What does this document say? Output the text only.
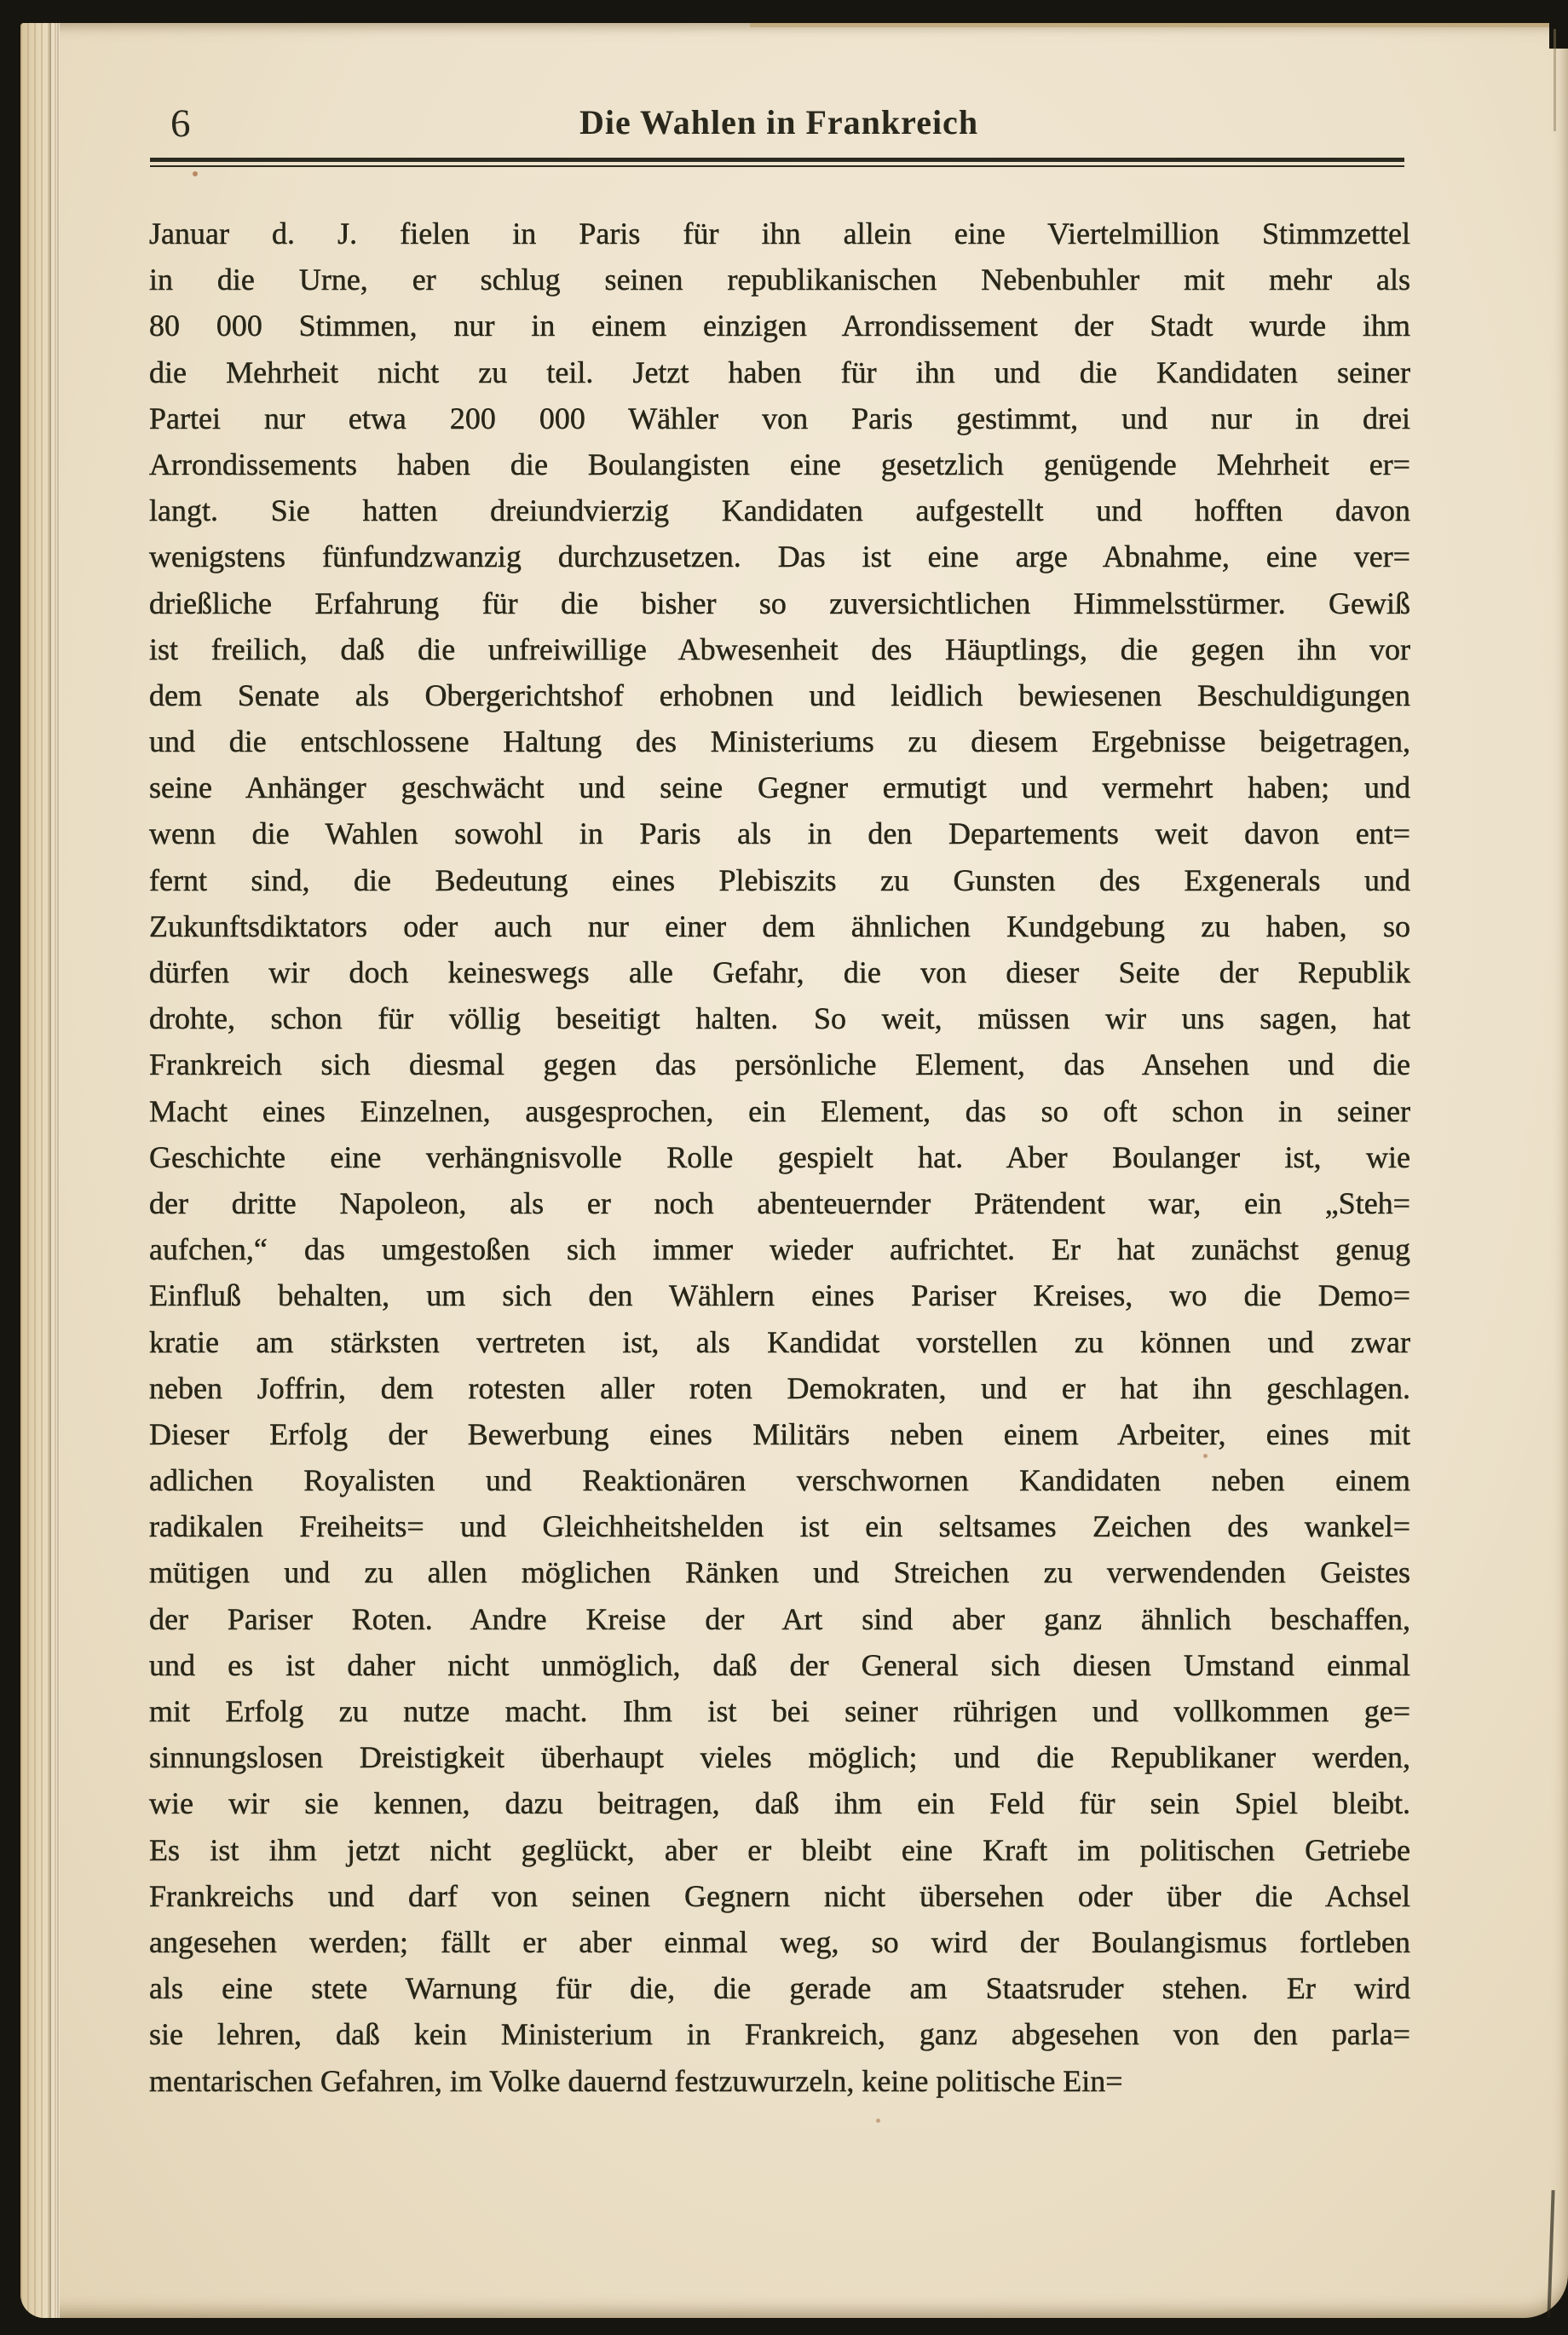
6	Die Wahlen in Frankreich
Januar d. J. fielen in Paris für ihn allein eine Viertelmillion Stimmzettel
in die Urne, er schlug seinen republikanischen Nebenbuhler mit mehr als
80 000 Stimmen, nur in einem einzigen Arrondissement der Stadt wurde ihm
die Mehrheit nicht zu teil. Jetzt haben für ihn und die Kandidaten seiner
Partei nur etwa 200 000 Wähler von Paris gestimmt, und nur in drei
Arrondissements haben die Boulangisten eine gesetzlich genügende Mehrheit er=
langt. Sie hatten dreiundvierzig Kandidaten aufgestellt und hofften davon
wenigstens fünfundzwanzig durchzusetzen. Das ist eine arge Abnahme, eine ver=
drießliche Erfahrung für die bisher so zuversichtlichen Himmelsstürmer. Gewiß
ist freilich, daß die unfreiwillige Abwesenheit des Häuptlings, die gegen ihn vor
dem Senate als Obergerichtshof erhobnen und leidlich bewiesenen Beschuldigungen
und die entschlossene Haltung des Ministeriums zu diesem Ergebnisse beigetragen,
seine Anhänger geschwächt und seine Gegner ermutigt und vermehrt haben; und
wenn die Wahlen sowohl in Paris als in den Departements weit davon ent=
fernt sind, die Bedeutung eines Plebiszits zu Gunsten des Exgenerals und
Zukunftsdiktators oder auch nur einer dem ähnlichen Kundgebung zu haben, so
dürfen wir doch keineswegs alle Gefahr, die von dieser Seite der Republik
drohte, schon für völlig beseitigt halten. So weit, müssen wir uns sagen, hat
Frankreich sich diesmal gegen das persönliche Element, das Ansehen und die
Macht eines Einzelnen, ausgesprochen, ein Element, das so oft schon in seiner
Geschichte eine verhängnisvolle Rolle gespielt hat. Aber Boulanger ist, wie
der dritte Napoleon, als er noch abenteuernder Prätendent war, ein „Steh=
aufchen,“ das umgestoßen sich immer wieder aufrichtet. Er hat zunächst genug
Einfluß behalten, um sich den Wählern eines Pariser Kreises, wo die Demo=
kratie am stärksten vertreten ist, als Kandidat vorstellen zu können und zwar
neben Joffrin, dem rotesten aller roten Demokraten, und er hat ihn geschlagen.
Dieser Erfolg der Bewerbung eines Militärs neben einem Arbeiter, eines mit
adlichen Royalisten und Reaktionären verschwornen Kandidaten neben einem
radikalen Freiheits= und Gleichheitshelden ist ein seltsames Zeichen des wankel=
mütigen und zu allen möglichen Ränken und Streichen zu verwendenden Geistes
der Pariser Roten. Andre Kreise der Art sind aber ganz ähnlich beschaffen,
und es ist daher nicht unmöglich, daß der General sich diesen Umstand einmal
mit Erfolg zu nutze macht. Ihm ist bei seiner rührigen und vollkommen ge=
sinnungslosen Dreistigkeit überhaupt vieles möglich; und die Republikaner werden,
wie wir sie kennen, dazu beitragen, daß ihm ein Feld für sein Spiel bleibt.
Es ist ihm jetzt nicht geglückt, aber er bleibt eine Kraft im politischen Getriebe
Frankreichs und darf von seinen Gegnern nicht übersehen oder über die Achsel
angesehen werden; fällt er aber einmal weg, so wird der Boulangismus fortleben
als eine stete Warnung für die, die gerade am Staatsruder stehen. Er wird
sie lehren, daß kein Ministerium in Frankreich, ganz abgesehen von den parla=
mentarischen Gefahren, im Volke dauernd festzuwurzeln, keine politische Ein=
